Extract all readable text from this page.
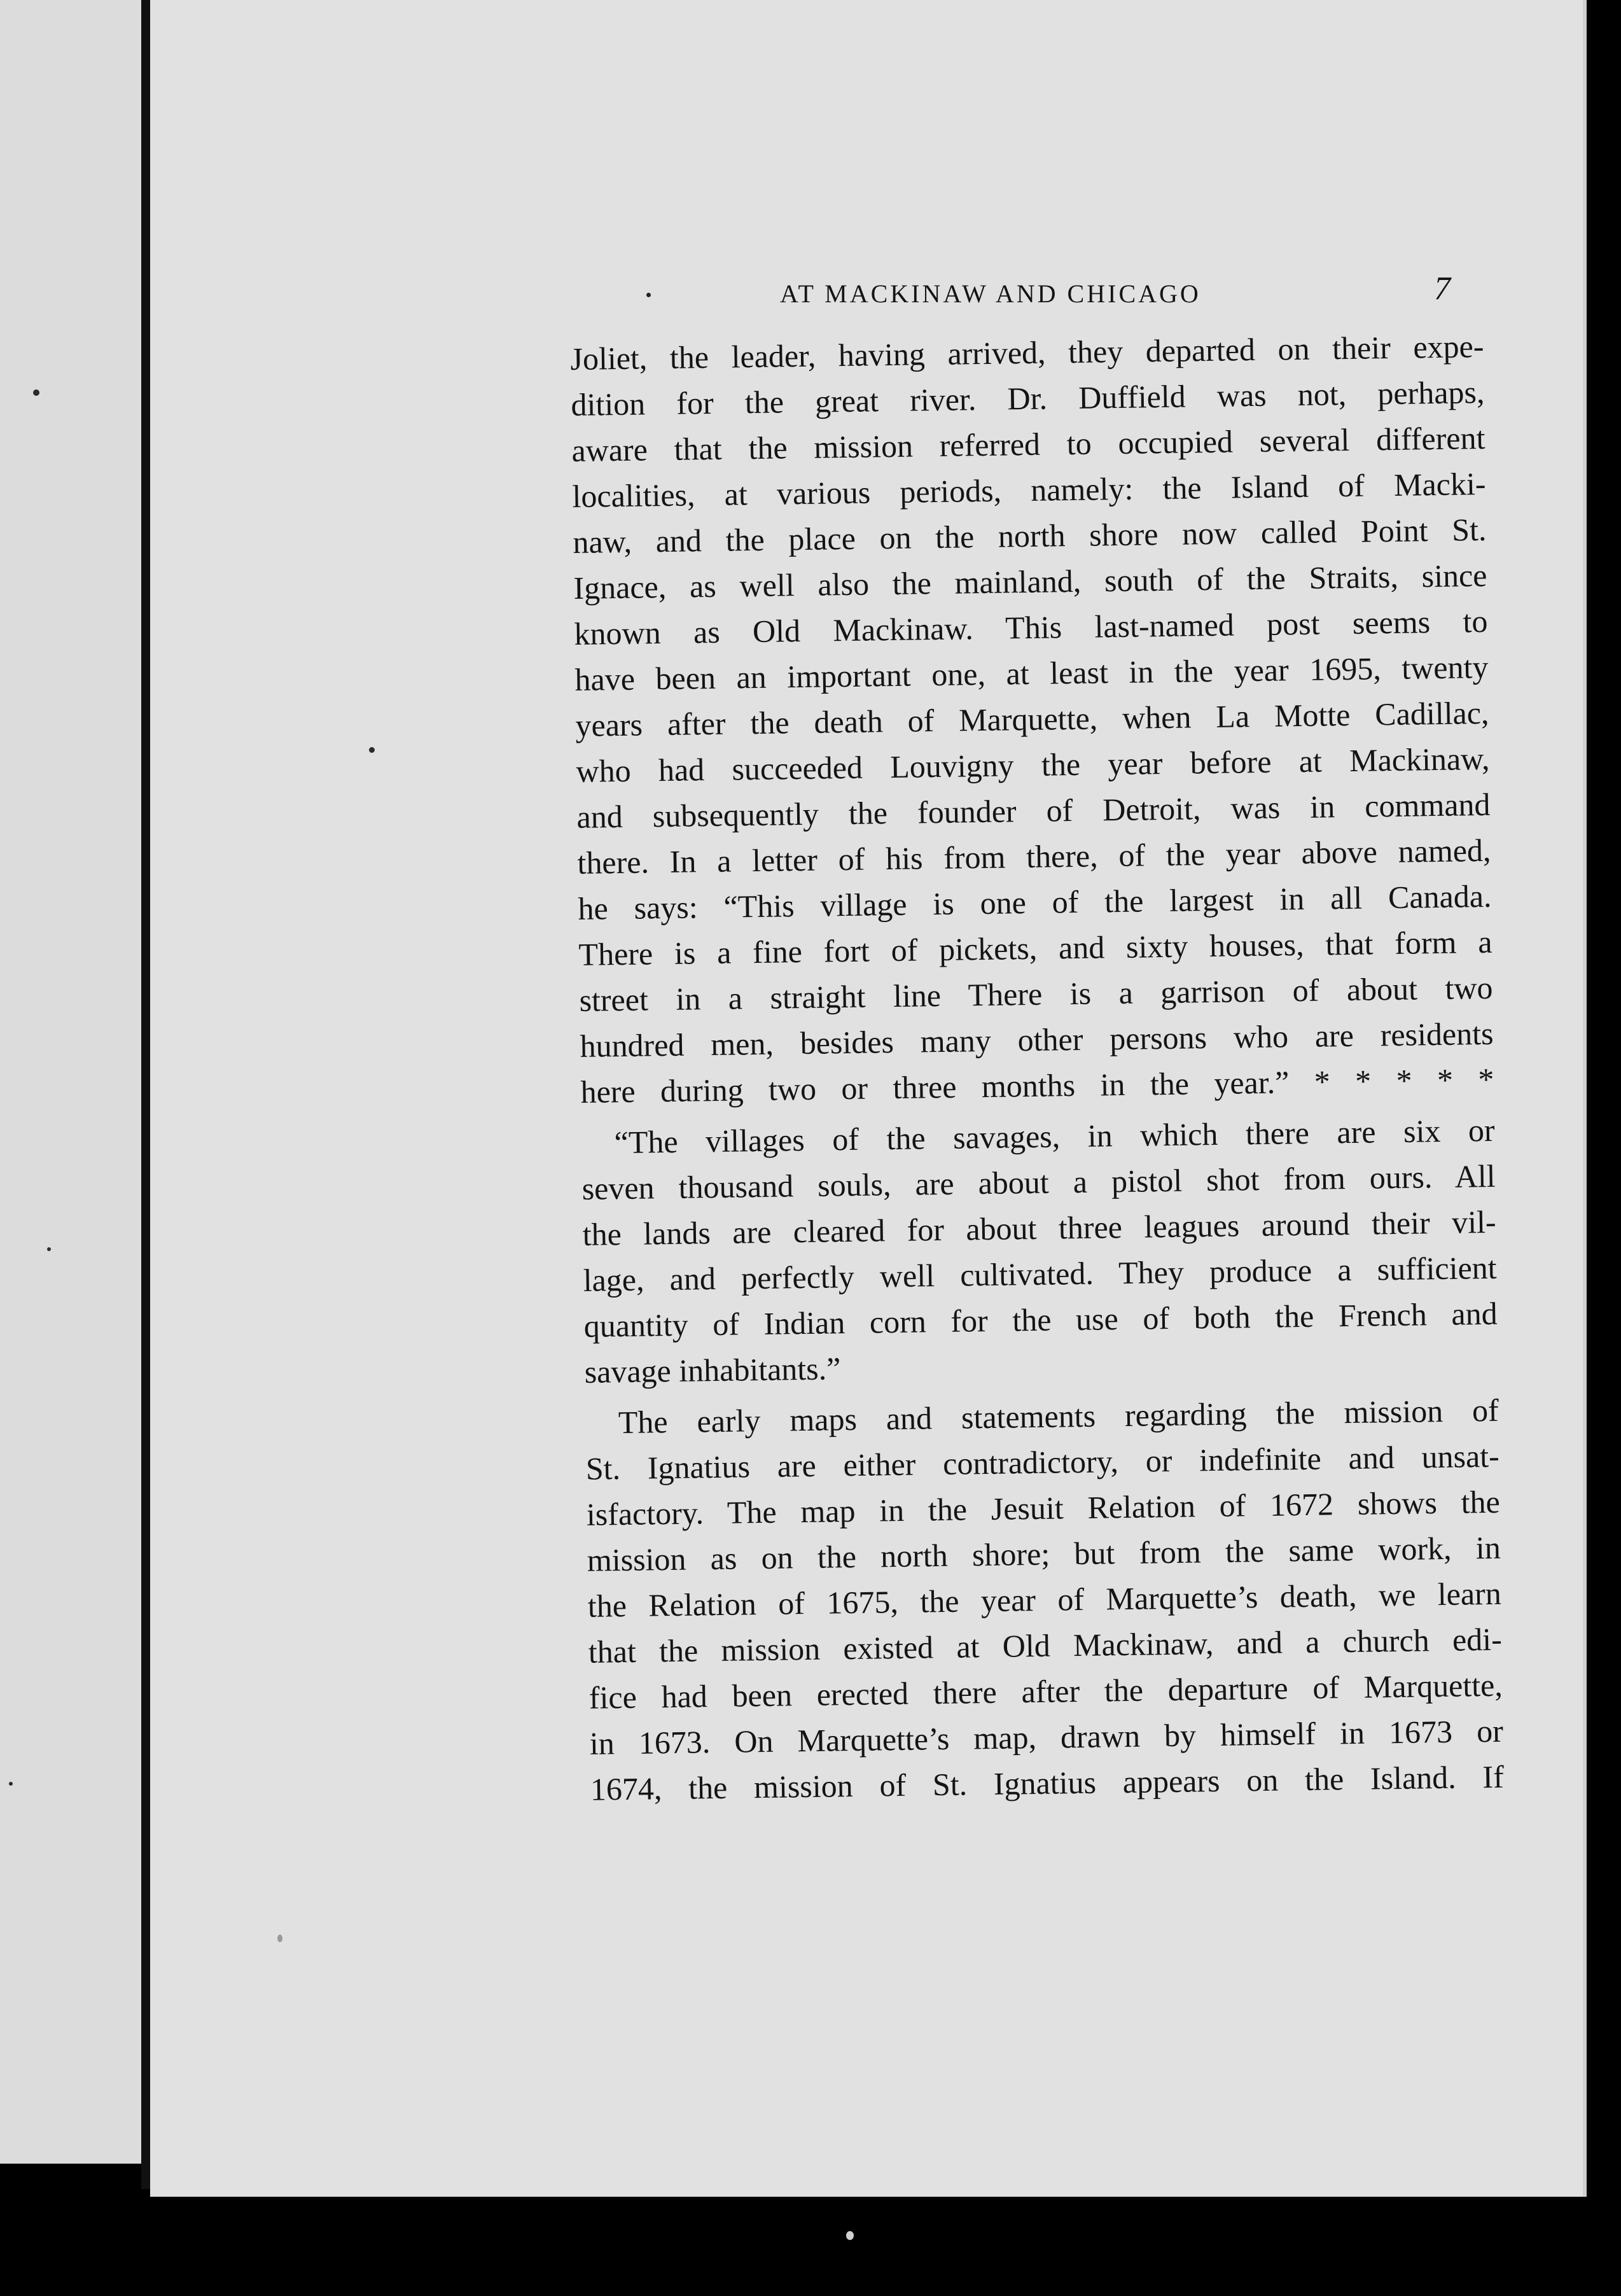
AT MACKINAW AND CHICAGO	7
Joliet, the leader, having arrived, they departed on their expe-
dition for the great river. Dr. Duffield was not, perhaps,
aware that the mission referred to occupied several different
localities, at various periods, namely: the Island of Macki-
naw, and the place on the north shore now called Point St.
Ignace, as well also the mainland, south of the Straits, since
known as Old Mackinaw. This last-named post seems to
have been an important one, at least in the year 1695, twenty
years after the death of Marquette, when La Motte Cadillac,
who had succeeded Louvigny the year before at Mackinaw,
and subsequently the founder of Detroit, was in command
there. In a letter of his from there, of the year above named,
he says: “This village is one of the largest in all Canada.
There is a fine fort of pickets, and sixty houses, that form a
street in a straight line There is a garrison of about two
hundred men, besides many other persons who are residents
here during two or three months in the year.” * * * * *
“The villages of the savages, in which there are six or
seven thousand souls, are about a pistol shot from ours. All
the lands are cleared for about three leagues around their vil-
lage, and perfectly well cultivated. They produce a sufficient
quantity of Indian corn for the use of both the French and
savage inhabitants.”
The early maps and statements regarding the mission of
St. Ignatius are either contradictory, or indefinite and unsat-
isfactory. The map in the Jesuit Relation of 1672 shows the
mission as on the north shore; but from the same work, in
the Relation of 1675, the year of Marquette’s death, we learn
that the mission existed at Old Mackinaw, and a church edi-
fice had been erected there after the departure of Marquette,
in 1673. On Marquette’s map, drawn by himself in 1673 or
1674, the mission of St. Ignatius appears on the Island. If
